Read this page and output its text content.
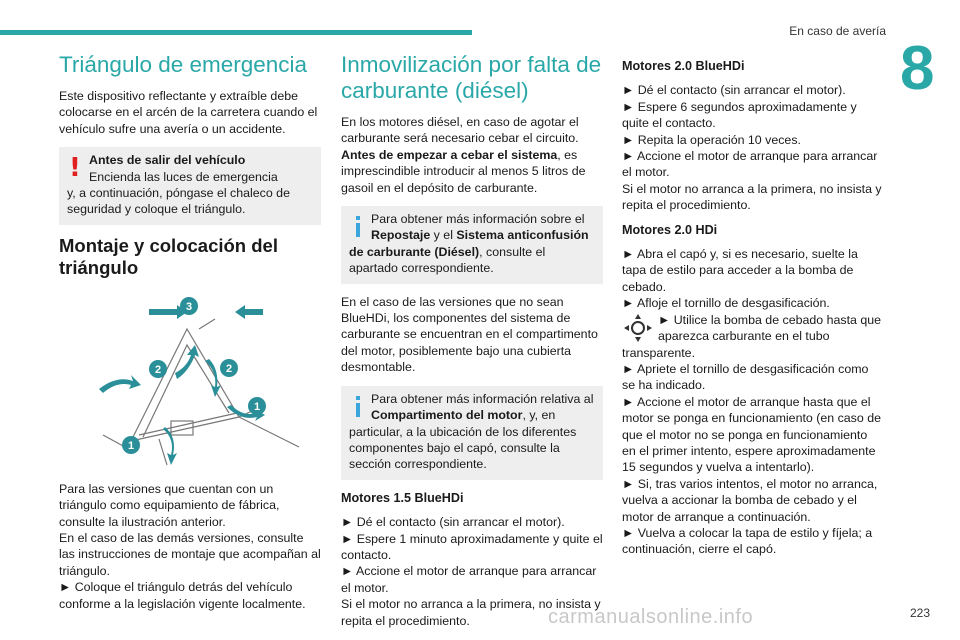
En caso de avería
8
Triángulo de emergencia

Este dispositivo reflectante y extraíble debe colocarse en el arcén de la carretera cuando el vehículo sufre una avería o un accidente.

! Antes de salir del vehículo
Encienda las luces de emergencia
y, a continuación, póngase el chaleco de seguridad y coloque el triángulo.
Montaje y colocación del triángulo
3
2	2
1
1

Para las versiones que cuentan con un triángulo como equipamiento de fábrica, consulte la ilustración anterior.

En el caso de las demás versiones, consulte las instrucciones de montaje que acompañan al triángulo.

► Coloque el triángulo detrás del vehículo conforme a la legislación vigente localmente.

Inmovilización por falta de carburante (diésel)

En los motores diésel, en caso de agotar el carburante será necesario cebar el circuito.

Antes de empezar a cebar el sistema, es imprescindible introducir al menos 5 litros de gasoil en el depósito de carburante.

Para obtener más información sobre el
Repostaje y el Sistema anticonfusión
de carburante (Diésel), consulte el apartado correspondiente.

En el caso de las versiones que no sean BlueHDi, los componentes del sistema de carburante se encuentran en el compartimento del motor, posiblemente bajo una cubierta desmontable.

Para obtener más información relativa al
Compartimento del motor, y, en
particular, a la ubicación de los diferentes componentes bajo el capó, consulte la sección correspondiente.
Motores 1.5 BlueHDi

► Dé el contacto (sin arrancar el motor).

► Espere 1 minuto aproximadamente y quite el contacto.

► Accione el motor de arranque para arrancar el motor.

Si el motor no arranca a la primera, no insista y repita el procedimiento.

Motores 2.0 BlueHDi

► Dé el contacto (sin arrancar el motor).

► Espere 6 segundos aproximadamente y quite el contacto.

► Repita la operación 10 veces.

► Accione el motor de arranque para arrancar el motor.

Si el motor no arranca a la primera, no insista y repita el procedimiento.

Motores 2.0 HDi

► Abra el capó y, si es necesario, suelte la tapa de estilo para acceder a la bomba de cebado.

► Afloje el tornillo de desgasificación.

► Utilice la bomba de cebado hasta que aparezca carburante en el tubo transparente.

► Apriete el tornillo de desgasificación como se ha indicado.

► Accione el motor de arranque hasta que el motor se ponga en funcionamiento (en caso de que el motor no se ponga en funcionamiento en el primer intento, espere aproximadamente 15 segundos y vuelva a intentarlo).

► Si, tras varios intentos, el motor no arranca, vuelva a accionar la bomba de cebado y el motor de arranque a continuación.

► Vuelva a colocar la tapa de estilo y fíjela; a continuación, cierre el capó.

carmanualsonline.info	223
